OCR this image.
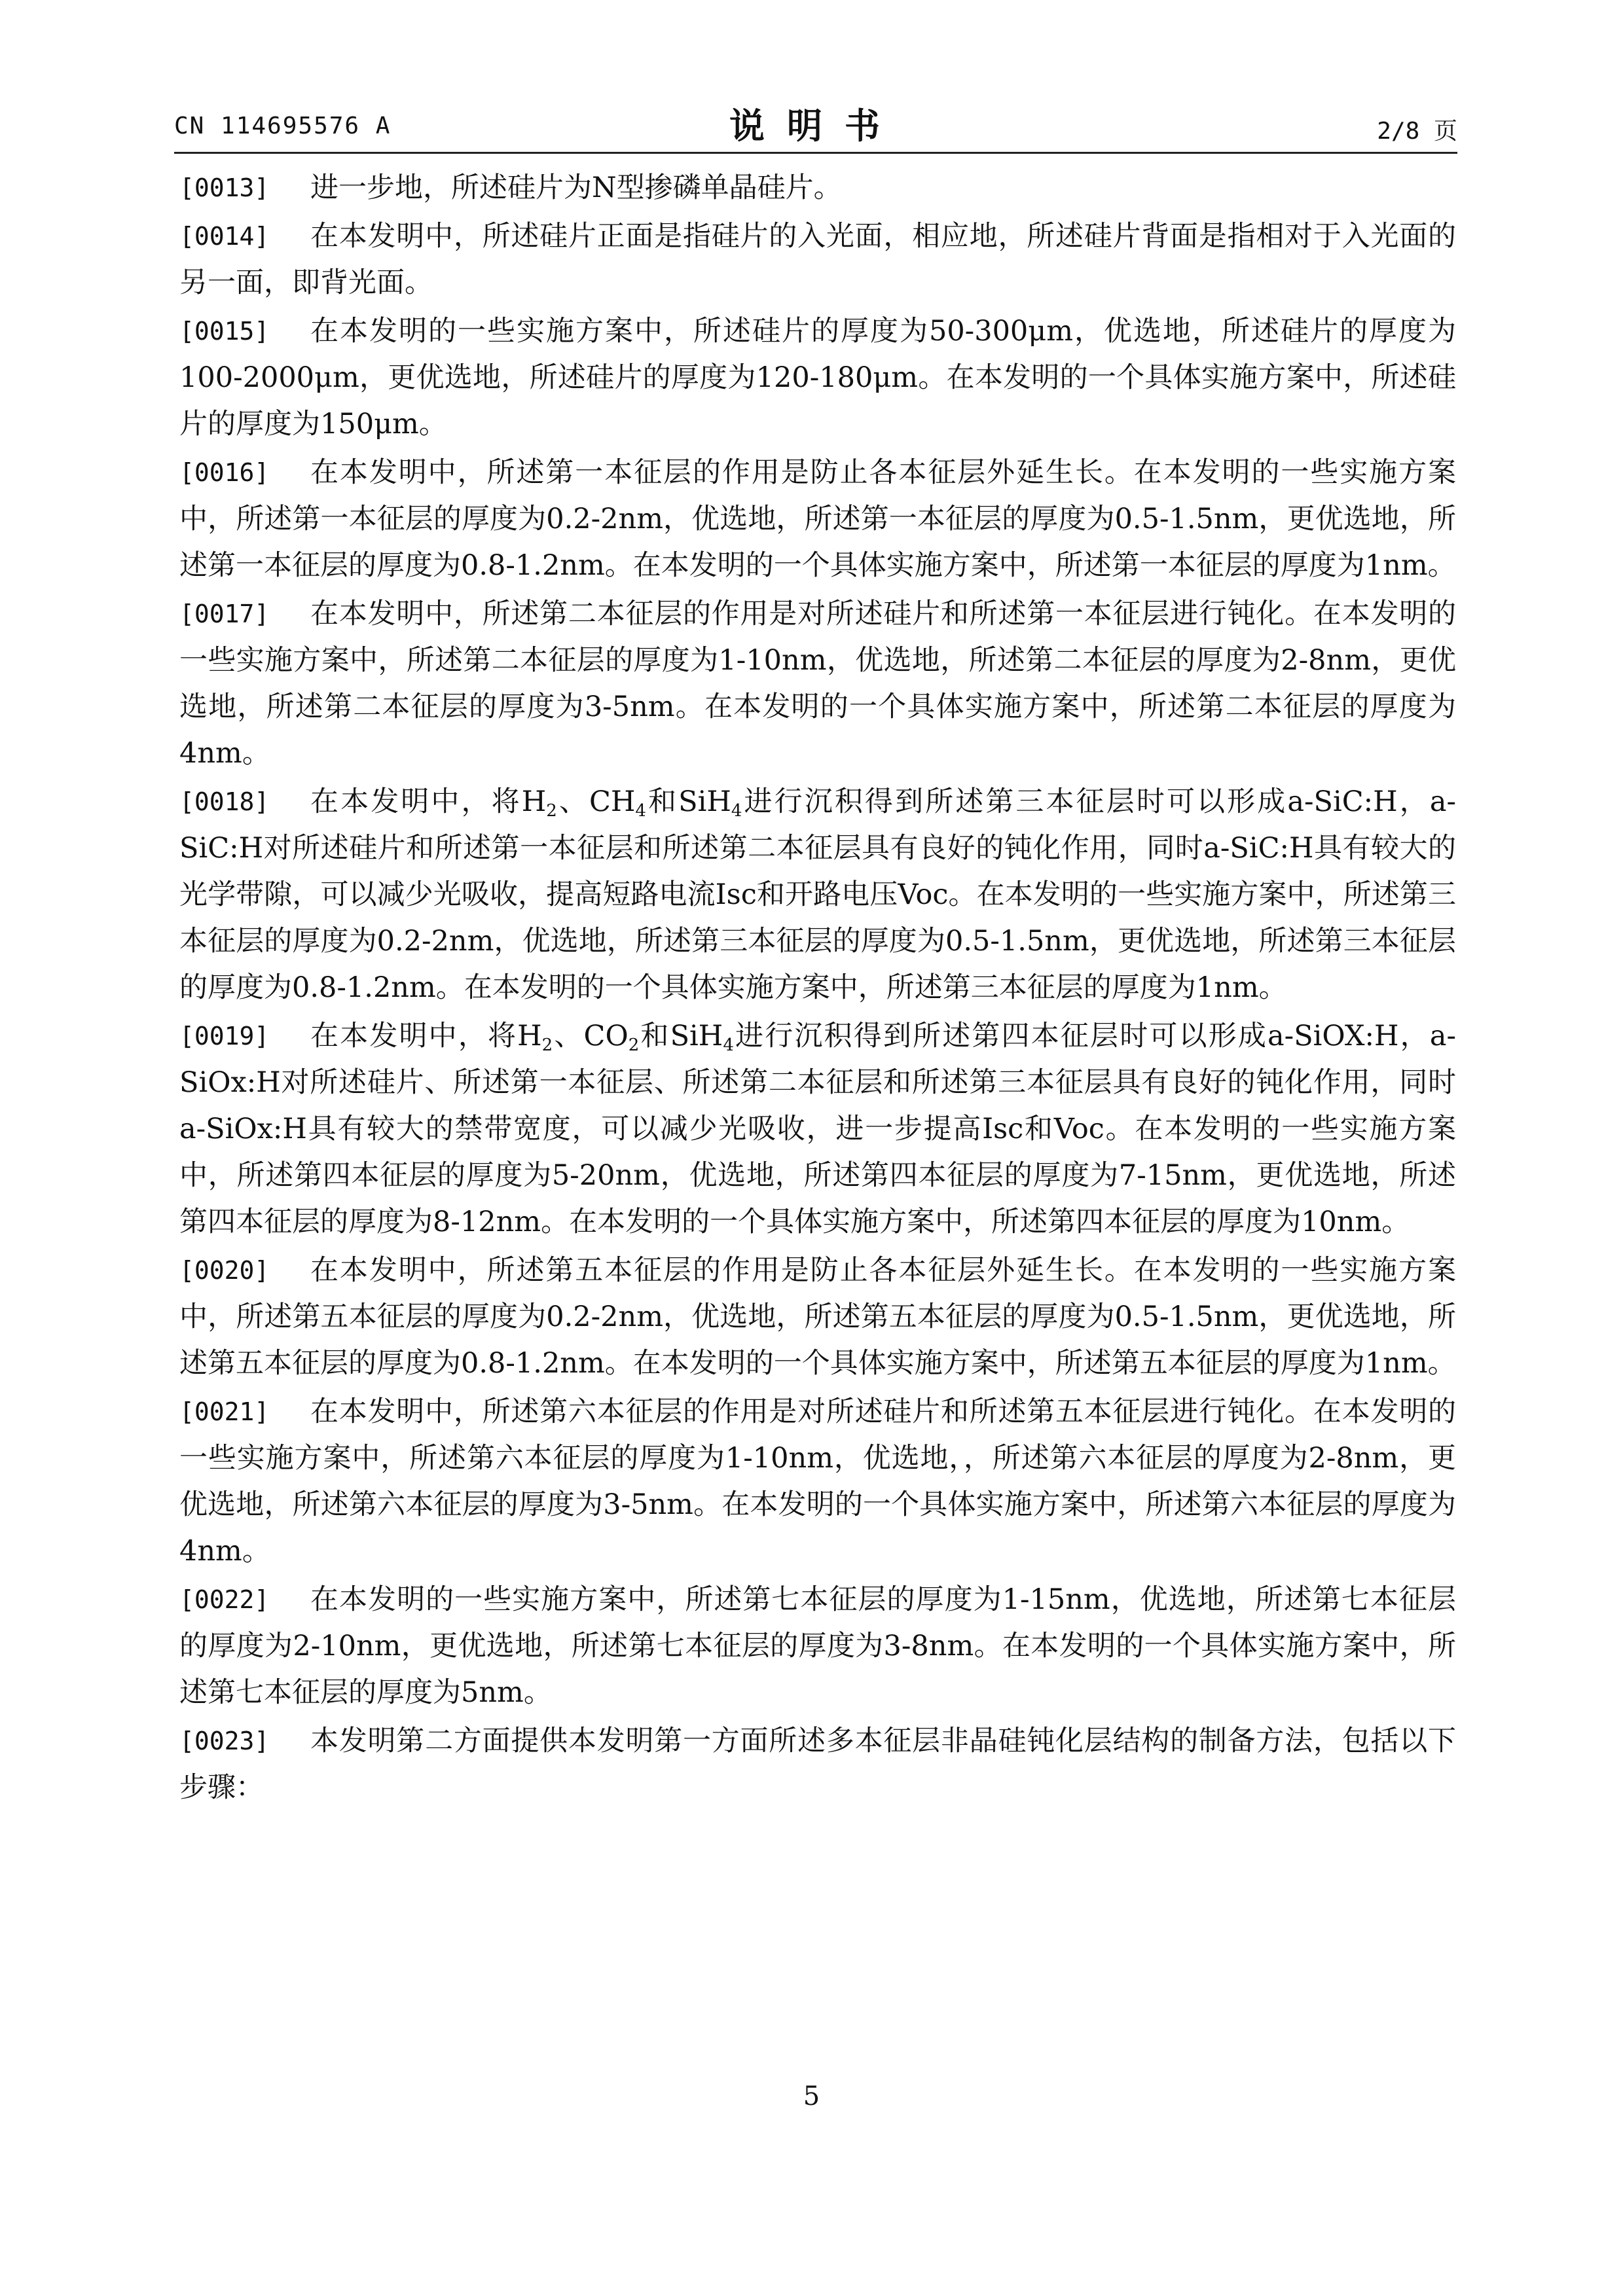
CN 114695576 A	说明书	2/8 页
[0013] 进一步地，所述硅片为N型掺磷单晶硅片。
[0014] 在本发明中，所述硅片正面是指硅片的入光面，相应地，所述硅片背面是指相对于入光面的另一面，即背光面。
[0015] 在本发明的一些实施方案中，所述硅片的厚度为50-300μm，优选地，所述硅片的厚度为100-2000μm，更优选地，所述硅片的厚度为120-180μm。在本发明的一个具体实施方案中，所述硅片的厚度为150μm。
[0016] 在本发明中，所述第一本征层的作用是防止各本征层外延生长。在本发明的一些实施方案中，所述第一本征层的厚度为0.2-2nm，优选地，所述第一本征层的厚度为0.5-1.5nm，更优选地，所述第一本征层的厚度为0.8-1.2nm。在本发明的一个具体实施方案中，所述第一本征层的厚度为1nm。
[0017] 在本发明中，所述第二本征层的作用是对所述硅片和所述第一本征层进行钝化。在本发明的一些实施方案中，所述第二本征层的厚度为1-10nm，优选地，所述第二本征层的厚度为2-8nm，更优选地，所述第二本征层的厚度为3-5nm。在本发明的一个具体实施方案中，所述第二本征层的厚度为4nm。
[0018] 在本发明中，将$H_2$、$CH_4$和SiH$_4$进行沉积得到所述第三本征层时可以形成a-SiC:H，a-SiC:H对所述硅片和所述第一本征层和所述第二本征层具有良好的钝化作用，同时a-SiC:H具有较大的光学带隙，可以减少光吸收，提高短路电流Isc和开路电压Voc。在本发明的一些实施方案中，所述第三本征层的厚度为0.2-2nm，优选地，所述第三本征层的厚度为0.5-1.5nm，更优选地，所述第三本征层的厚度为0.8-1.2nm。在本发明的一个具体实施方案中，所述第三本征层的厚度为1nm。
[0019] 在本发明中，将$H_2$、$CO_2$和SiH$_4$进行沉积得到所述第四本征层时可以形成a-SiOX:H，a-SiOx:H对所述硅片、所述第一本征层、所述第二本征层和所述第三本征层具有良好的钝化作用，同时a-SiOx:H具有较大的禁带宽度，可以减少光吸收，进一步提高Isc和Voc。在本发明的一些实施方案中，所述第四本征层的厚度为5-20nm，优选地，所述第四本征层的厚度为7-15nm，更优选地，所述第四本征层的厚度为8-12nm。在本发明的一个具体实施方案中，所述第四本征层的厚度为10nm。
[0020] 在本发明中，所述第五本征层的作用是防止各本征层外延生长。在本发明的一些实施方案中，所述第五本征层的厚度为0.2-2nm，优选地，所述第五本征层的厚度为0.5-1.5nm，更优选地，所述第五本征层的厚度为0.8-1.2nm。在本发明的一个具体实施方案中，所述第五本征层的厚度为1nm。
[0021] 在本发明中，所述第六本征层的作用是对所述硅片和所述第五本征层进行钝化。在本发明的一些实施方案中，所述第六本征层的厚度为1-10nm，优选地，，所述第六本征层的厚度为2-8nm，更优选地，所述第六本征层的厚度为3-5nm。在本发明的一个具体实施方案中，所述第六本征层的厚度为4nm。
[0022] 在本发明的一些实施方案中，所述第七本征层的厚度为1-15nm，优选地，所述第七本征层的厚度为2-10nm，更优选地，所述第七本征层的厚度为3-8nm。在本发明的一个具体实施方案中，所述第七本征层的厚度为5nm。
[0023] 本发明第二方面提供本发明第一方面所述多本征层非晶硅钝化层结构的制备方法，包括以下步骤：
5
